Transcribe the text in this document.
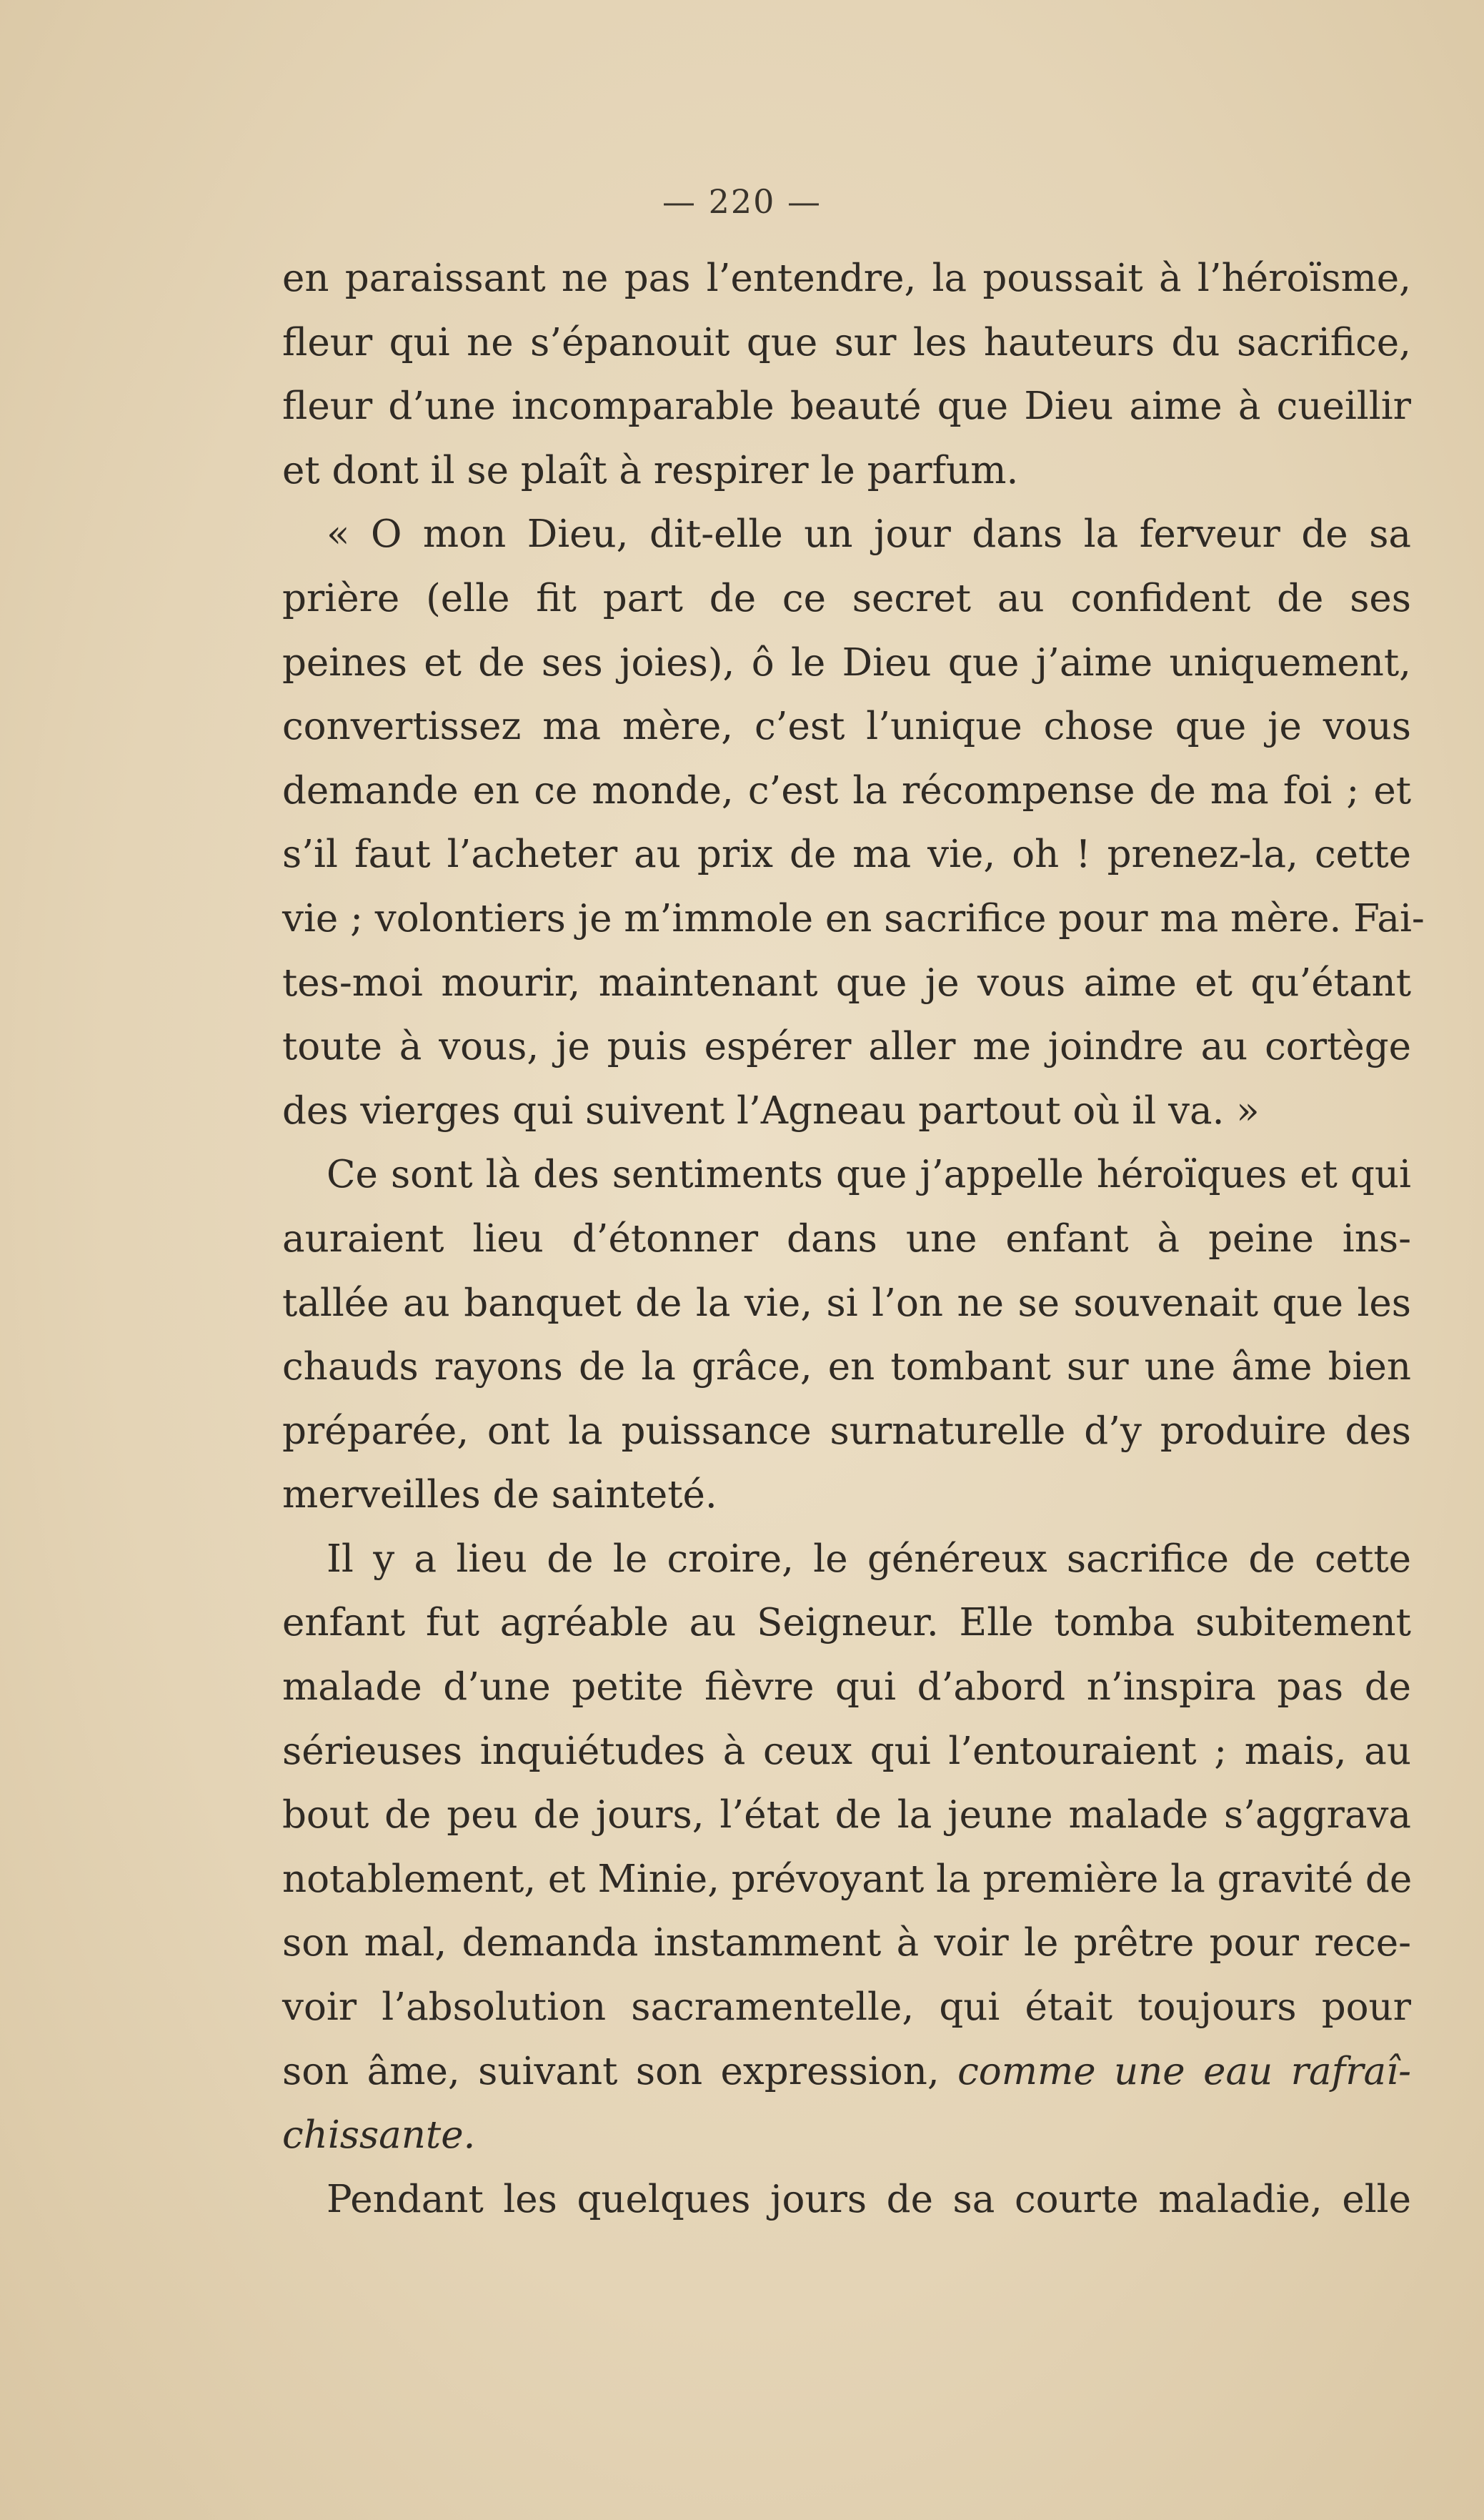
— 220 —
en paraissant ne pas l’entendre, la poussait à l’héroïsme,
fleur qui ne s’épanouit que sur les hauteurs du sacrifice,
fleur d’une incomparable beauté que Dieu aime à cueillir
et dont il se plaît à respirer le parfum.
« O mon Dieu, dit-elle un jour dans la ferveur de sa
prière (elle fit part de ce secret au confident de ses
peines et de ses joies), ô le Dieu que j’aime uniquement,
convertissez ma mère, c’est l’unique chose que je vous
demande en ce monde, c’est la récompense de ma foi ; et
s’il faut l’acheter au prix de ma vie, oh ! prenez-la, cette
vie ; volontiers je m’immole en sacrifice pour ma mère. Fai-
tes-moi mourir, maintenant que je vous aime et qu’étant
toute à vous, je puis espérer aller me joindre au cortège
des vierges qui suivent l’Agneau partout où il va. »
Ce sont là des sentiments que j’appelle héroïques et qui
auraient lieu d’étonner dans une enfant à peine ins-
tallée au banquet de la vie, si l’on ne se souvenait que les
chauds rayons de la grâce, en tombant sur une âme bien
préparée, ont la puissance surnaturelle d’y produire des
merveilles de sainteté.
Il y a lieu de le croire, le généreux sacrifice de cette
enfant fut agréable au Seigneur. Elle tomba subitement
malade d’une petite fièvre qui d’abord n’inspira pas de
sérieuses inquiétudes à ceux qui l’entouraient ; mais, au
bout de peu de jours, l’état de la jeune malade s’aggrava
notablement, et Minie, prévoyant la première la gravité de
son mal, demanda instamment à voir le prêtre pour rece-
voir l’absolution sacramentelle, qui était toujours pour
son âme, suivant son expression, comme une eau rafraî-
chissante.
Pendant les quelques jours de sa courte maladie, elle
